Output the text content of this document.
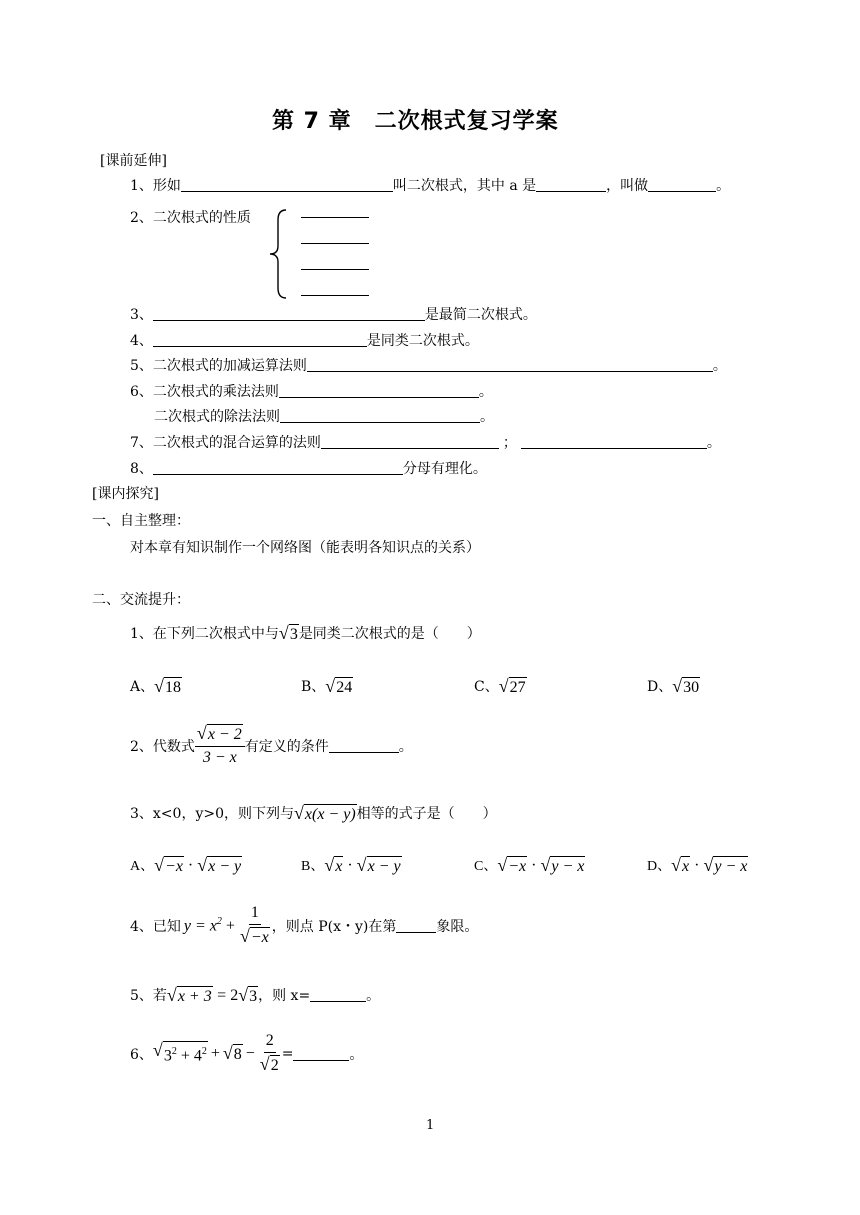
第 7 章　二次根式复习学案
[课前延伸]
1、形如	叫二次根式，其中 a 是	，叫做	。
2、二次根式的性质
3、	是最简二次根式。
4、	是同类二次根式。
5、二次根式的加减运算法则	。
6、二次根式的乘法法则	。
二次根式的除法法则	。
7、二次根式的混合运算的法则	；	。
8、	分母有理化。
[课内探究]
一、自主整理：
对本章有知识制作一个网络图（能表明各知识点的关系）
二、交流提升：
1、在下列二次根式中与 √ 3 是同类二次根式的是（　　）
A、 √ 18	B、 √ 24	C、 √ 27	D、 √ 30
2、代数式 $\frac{√ x - 2}{3 - x}$ 有定义的条件	。
3、x<0，y>0，则下列与 √ x(x − y) 相等的式子是（　　）
A、 √ −x · √ x − y	B、 √ x · √ x − y	C、 √ −x · √ y − x	D、 √ x · √ y − x
4、已知 $y = x^2 + \frac{1}{√ -x}$ ，则点 P(x・y)在第	象限。
5、若 √ x + 3 = 2 √ 3 ，则 x=	。
6、 √ $3^2 + 4^2$ + √ $8 - \frac{2}{√ 2}$ =	。
1
